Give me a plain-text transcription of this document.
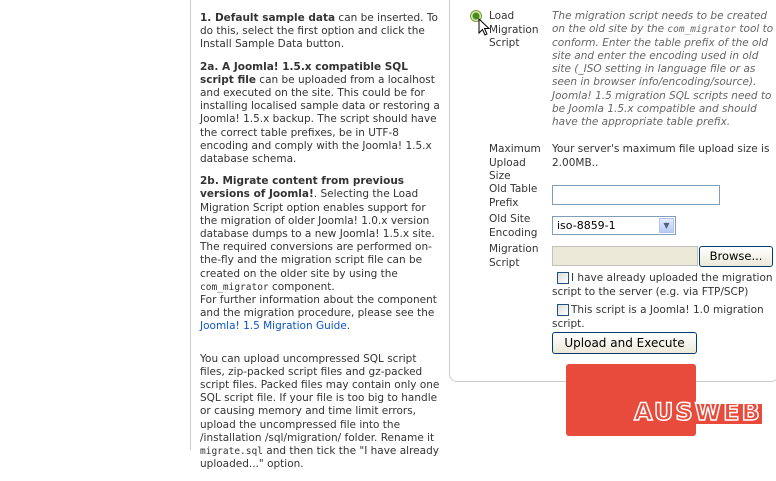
1. Default sample data can be inserted. To do this, select the first option and click the Install Sample Data button.

2a. A Joomla! 1.5.x compatible SQL script file can be uploaded from a localhost and executed on the site. This could be for installing localised sample data or restoring a Joomla! 1.5.x backup. The script should have the correct table prefixes, be in UTF-8 encoding and comply with the Joomla! 1.5.x database schema.

2b. Migrate content from previous versions of Joomla!. Selecting the Load Migration Script option enables support for the migration of older Joomla! 1.0.x version database dumps to a new Joomla! 1.5.x site. The required conversions are performed on-the-fly and the migration script file can be created on the older site by using the com_migrator component.

For further information about the component and the migration procedure, please see the Joomla! 1.5 Migration Guide.

You can upload uncompressed SQL script files, zip-packed script files and gz-packed script files. Packed files may contain only one SQL script file. If your file is too big to handle or causing memory and time limit errors, upload the uncompressed file into the /installation /sql/migration/ folder. Rename it migrate.sql and then tick the "I have already uploaded..." option.

Load Migration Script
The migration script needs to be created on the old site by the com_migrator tool to conform. Enter the table prefix of the old site and enter the encoding used in old site (_ISO setting in language file or as seen in browser info/encoding/source).
Joomla! 1.5 migration SQL scripts need to be Joomla 1.5.x compatible and should have the appropriate table prefix.
Maximum Upload Size
Your server's maximum file upload size is 2.00MB..
Old Table Prefix
Old Site Encoding
iso-8859-1	▼
Migration Script	Browse...
I have already uploaded the migration script to the server (e.g. via FTP/SCP)
This script is a Joomla! 1.0 migration script.
Upload and Execute
AUSWEB
